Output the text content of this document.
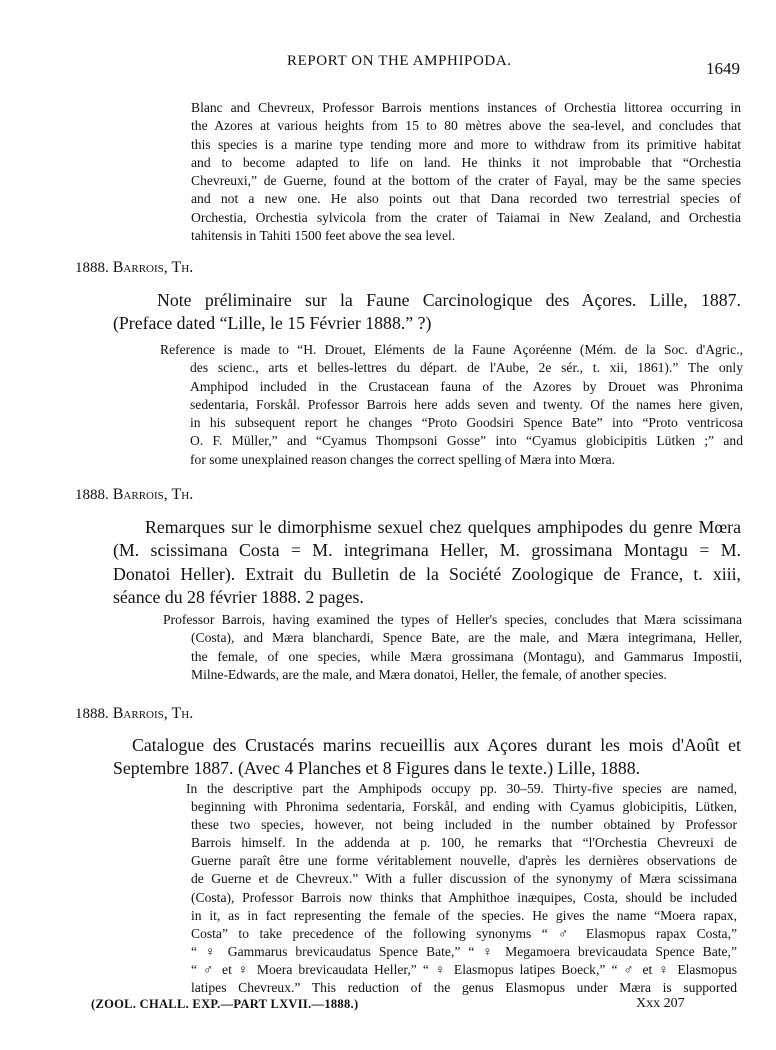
REPORT ON THE AMPHIPODA.	1649
Blanc and Chevreux, Professor Barrois mentions instances of Orchestia littorea occurring in
the Azores at various heights from 15 to 80 mètres above the sea-level, and concludes that
this species is a marine type tending more and more to withdraw from its primitive habitat
and to become adapted to life on land. He thinks it not improbable that “Orchestia
Chevreuxi,” de Guerne, found at the bottom of the crater of Fayal, may be the same species
and not a new one. He also points out that Dana recorded two terrestrial species of
Orchestia, Orchestia sylvicola from the crater of Taiamai in New Zealand, and Orchestia
tahitensis in Tahiti 1500 feet above the sea level.
1888. Barrois, Th.
Note préliminaire sur la Faune Carcinologique des Açores. Lille, 1887.
(Preface dated “Lille, le 15 Février 1888.” ?)
Reference is made to “H. Drouet, Eléments de la Faune Açoréenne (Mém. de la Soc. d'Agric.,
des scienc., arts et belles-lettres du départ. de l'Aube, 2e sér., t. xii, 1861).” The only
Amphipod included in the Crustacean fauna of the Azores by Drouet was Phronima
sedentaria, Forskål. Professor Barrois here adds seven and twenty. Of the names here given,
in his subsequent report he changes “Proto Goodsiri Spence Bate” into “Proto ventricosa
O. F. Müller,” and “Cyamus Thompsoni Gosse” into “Cyamus globicipitis Lütken ;” and
for some unexplained reason changes the correct spelling of Mæra into Mœra.
1888. Barrois, Th.
Remarques sur le dimorphisme sexuel chez quelques amphipodes du genre Mœra
(M. scissimana Costa = M. integrimana Heller, M. grossimana Montagu = M.
Donatoi Heller). Extrait du Bulletin de la Société Zoologique de France, t. xiii,
séance du 28 février 1888. 2 pages.
Professor Barrois, having examined the types of Heller's species, concludes that Mæra scissimana
(Costa), and Mæra blanchardi, Spence Bate, are the male, and Mæra integrimana, Heller,
the female, of one species, while Mæra grossimana (Montagu), and Gammarus Impostii,
Milne-Edwards, are the male, and Mæra donatoi, Heller, the female, of another species.
1888. Barrois, Th.
Catalogue des Crustacés marins recueillis aux Açores durant les mois d'Août et
Septembre 1887. (Avec 4 Planches et 8 Figures dans le texte.) Lille, 1888.
In the descriptive part the Amphipods occupy pp. 30–59. Thirty-five species are named,
beginning with Phronima sedentaria, Forskål, and ending with Cyamus globicipitis, Lütken,
these two species, however, not being included in the number obtained by Professor
Barrois himself. In the addenda at p. 100, he remarks that “l'Orchestia Chevreuxi de
Guerne paraît être une forme véritablement nouvelle, d'après les dernières observations de
de Guerne et de Chevreux.” With a fuller discussion of the synonymy of Mæra scissimana
(Costa), Professor Barrois now thinks that Amphithoe inæquipes, Costa, should be included
in it, as in fact representing the female of the species. He gives the name “Moera rapax,
Costa” to take precedence of the following synonyms “ ♂ Elasmopus rapax Costa,”
“ ♀ Gammarus brevicaudatus Spence Bate,” “ ♀ Megamoera brevicaudata Spence Bate,”
“ ♂ et ♀ Moera brevicaudata Heller,” “ ♀ Elasmopus latipes Boeck,” “ ♂ et ♀ Elasmopus
latipes Chevreux.” This reduction of the genus Elasmopus under Mæra is supported
(ZOOL. CHALL. EXP.—PART LXVII.—1888.)	Xxx 207
